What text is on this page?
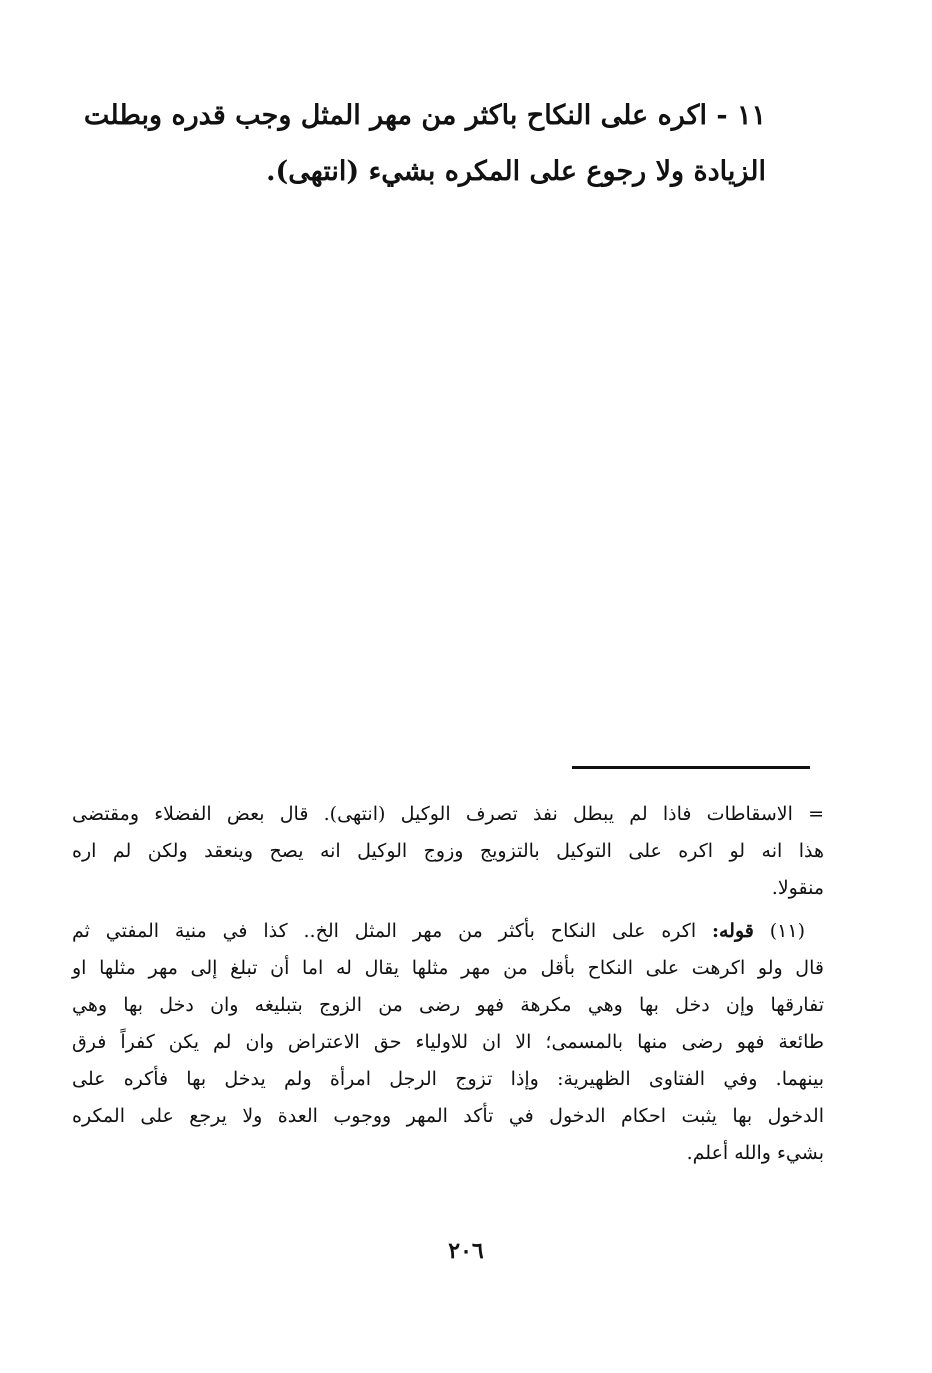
١١ - اكره على النكاح باكثر من مهر المثل وجب قدره وبطلت
الزيادة ولا رجوع على المكره بشيء (انتهى).
= الاسقاطات فاذا لم يبطل نفذ تصرف الوكيل (انتهى). قال بعض الفضلاء ومقتضى
هذا انه لو اكره على التوكيل بالتزويج وزوج الوكيل انه يصح وينعقد ولكن لم اره
منقولا.
 (١١) قوله: اكره على النكاح بأكثر من مهر المثل الخ.. كذا في منية المفتي ثم
قال ولو اكرهت على النكاح بأقل من مهر مثلها يقال له اما أن تبلغ إلى مهر مثلها او
تفارقها وإن دخل بها وهي مكرهة فهو رضى من الزوج بتبليغه وان دخل بها وهي
طائعة فهو رضى منها بالمسمى؛ الا ان للاولياء حق الاعتراض وان لم يكن كفراً فرق
بينهما. وفي الفتاوى الظهيرية: وإذا تزوج الرجل امرأة ولم يدخل بها فأكره على
الدخول بها يثبت احكام الدخول في تأكد المهر ووجوب العدة ولا يرجع على المكره
بشيء والله أعلم.
٢٠٦
